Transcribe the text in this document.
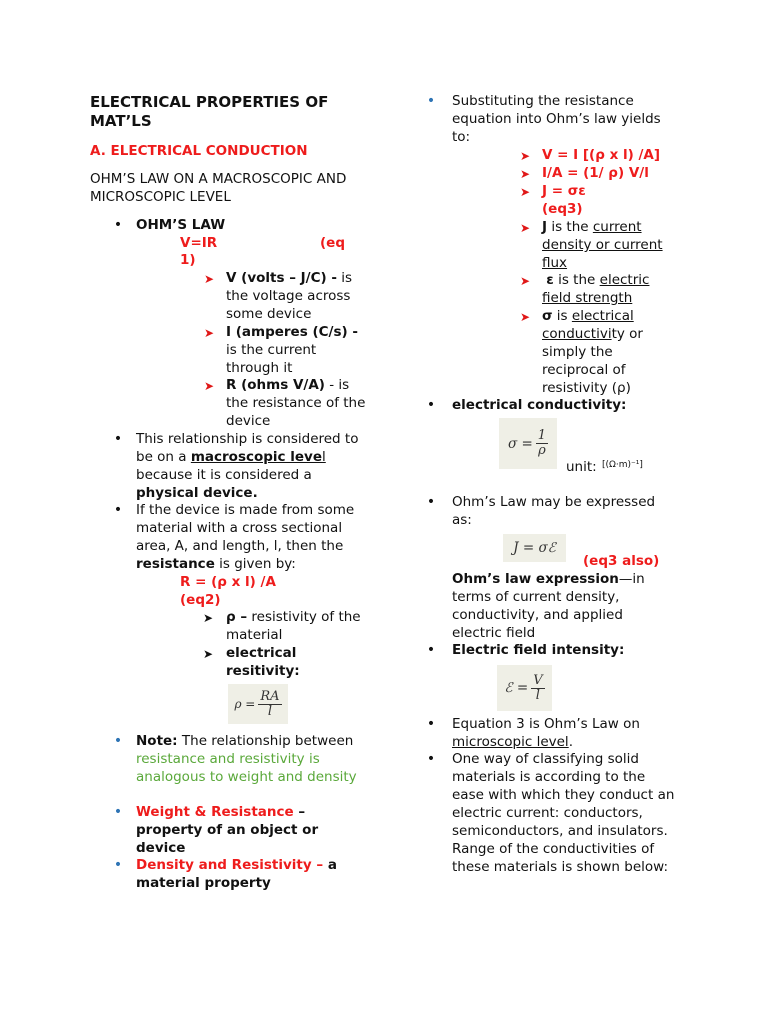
ELECTRICAL PROPERTIES OF MAT’LS
A. ELECTRICAL CONDUCTION
OHM’S LAW ON A MACROSCOPIC AND MICROSCOPIC LEVEL
• OHM’S LAW
V=IR	(eq
1)
➤ V (volts – J/C) - is the voltage across some device
➤ I (amperes (C/s) - is the current through it
➤ R (ohms V/A) - is the resistance of the device
• This relationship is considered to be on a macroscopic level because it is considered a physical device.
• If the device is made from some material with a cross sectional area, A, and length, l, then the resistance is given by:
R = (ρ x l) /A
(eq2)
➤ ρ – resistivity of the material
➤ electrical resitivity:
$\rho = \frac{RA}{l}$
• Note: The relationship between resistance and resistivity is analogous to weight and density
• Weight & Resistance – property of an object or device
• Density and Resistivity – a material property
• Substituting the resistance equation into Ohm’s law yields to:
➤ V = I [(ρ x l) /A]
➤ I/A = (1/ ρ) V/l
➤ J = σε
(eq3)
➤ J is the current density or current flux
➤	ε is the electric field strength
➤ σ is electrical conductivity or simply the reciprocal of resistivity (ρ)
• electrical conductivity:
$\sigma = \frac{1}{\rho}$
unit: [(Ω·m)⁻¹]
• Ohm’s Law may be expressed as:
J = σℰ
(eq3 also)
Ohm’s law expression—in terms of current density, conductivity, and applied electric field
• Electric field intensity:
ℰ = $\frac{V}{l}$
• Equation 3 is Ohm’s Law on microscopic level.
• One way of classifying solid materials is according to the ease with which they conduct an electric current: conductors, semiconductors, and insulators. Range of the conductivities of these materials is shown below:
